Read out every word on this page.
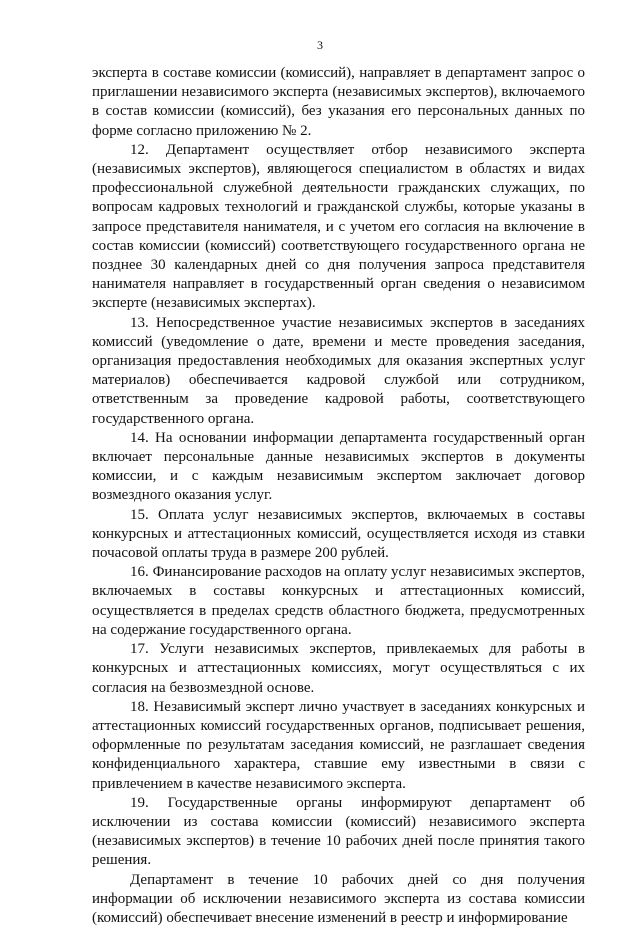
3

эксперта в составе комиссии (комиссий), направляет в департамент запрос о приглашении независимого эксперта (независимых экспертов), включаемого в состав комиссии (комиссий), без указания его персональных данных по форме согласно приложению № 2.

12. Департамент осуществляет отбор независимого эксперта (независимых экспертов), являющегося специалистом в областях и видах профессиональной служебной деятельности гражданских служащих, по вопросам кадровых технологий и гражданской службы, которые указаны в запросе представителя нанимателя, и с учетом его согласия на включение в состав комиссии (комиссий) соответствующего государственного органа не позднее 30 календарных дней со дня получения запроса представителя нанимателя направляет в государственный орган сведения о независимом эксперте (независимых экспертах).

13. Непосредственное участие независимых экспертов в заседаниях комиссий (уведомление о дате, времени и месте проведения заседания, организация предоставления необходимых для оказания экспертных услуг материалов) обеспечивается кадровой службой или сотрудником, ответственным за проведение кадровой работы, соответствующего государственного органа.

14. На основании информации департамента государственный орган включает персональные данные независимых экспертов в документы комиссии, и с каждым независимым экспертом заключает договор возмездного оказания услуг.

15. Оплата услуг независимых экспертов, включаемых в составы конкурсных и аттестационных комиссий, осуществляется исходя из ставки почасовой оплаты труда в размере 200 рублей.

16. Финансирование расходов на оплату услуг независимых экспертов, включаемых в составы конкурсных и аттестационных комиссий, осуществляется в пределах средств областного бюджета, предусмотренных на содержание государственного органа.

17. Услуги независимых экспертов, привлекаемых для работы в конкурсных и аттестационных комиссиях, могут осуществляться с их согласия на безвозмездной основе.

18. Независимый эксперт лично участвует в заседаниях конкурсных и аттестационных комиссий государственных органов, подписывает решения, оформленные по результатам заседания комиссий, не разглашает сведения конфиденциального характера, ставшие ему известными в связи с привлечением в качестве независимого эксперта.

19. Государственные органы информируют департамент об исключении из состава комиссии (комиссий) независимого эксперта (независимых экспертов) в течение 10 рабочих дней после принятия такого решения.

Департамент в течение 10 рабочих дней со дня получения информации об исключении независимого эксперта из состава комиссии (комиссий) обеспечивает внесение изменений в реестр и информирование
